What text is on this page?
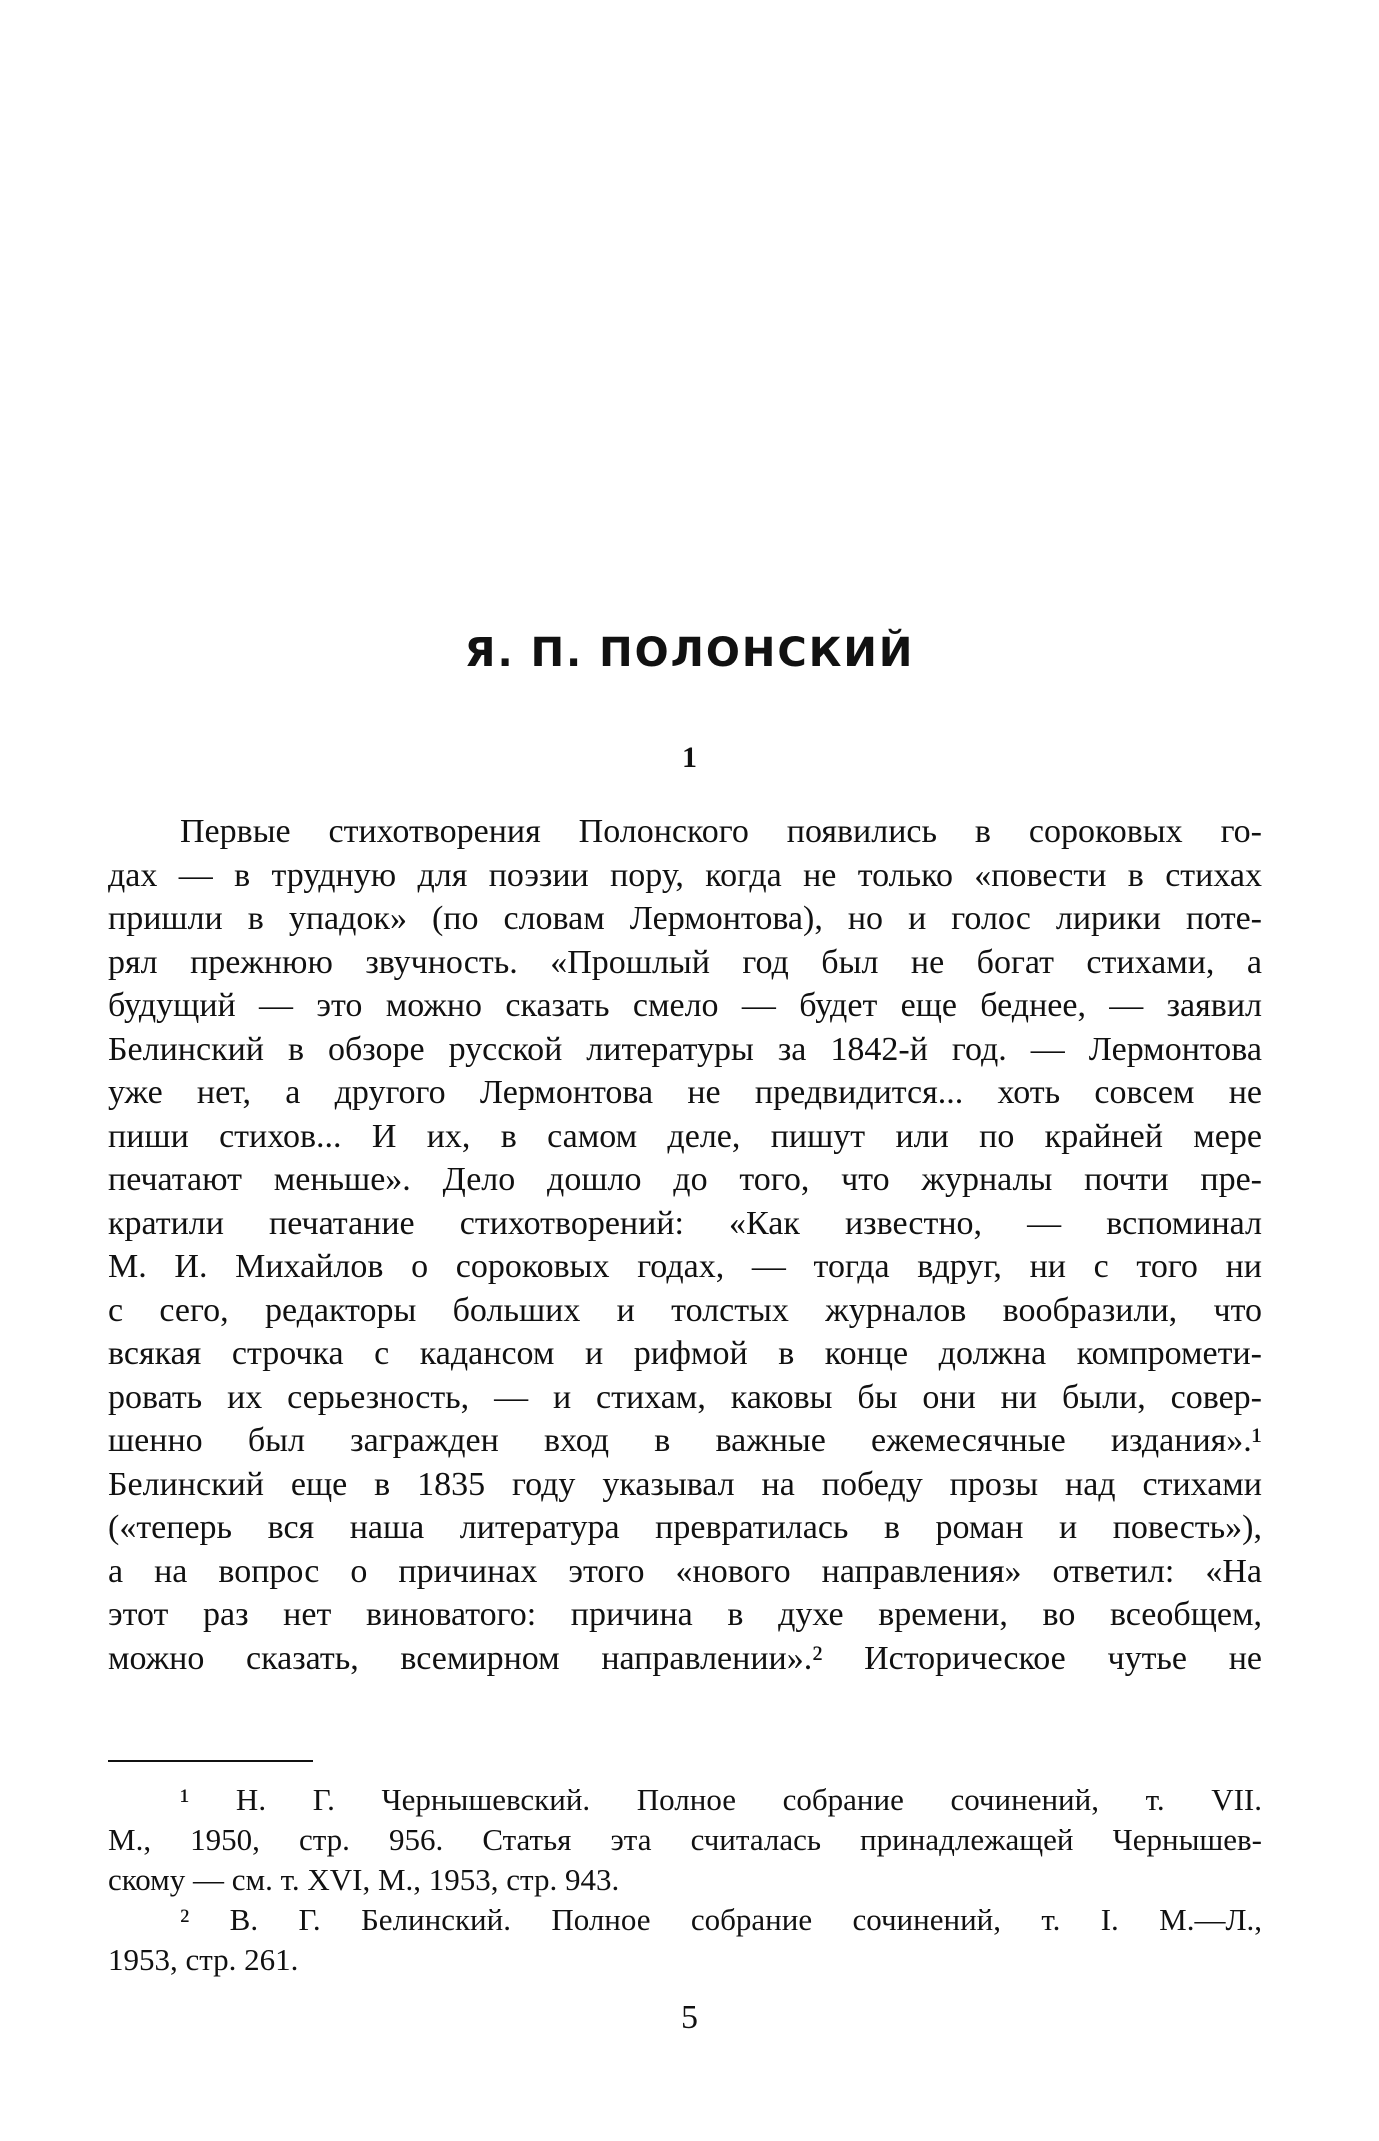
Я. П. ПОЛОНСКИЙ
1
Первые стихотворения Полонского появились в сороковых го-
дах — в трудную для поэзии пору, когда не только «повести в стихах
пришли в упадок» (по словам Лермонтова), но и голос лирики поте-
рял прежнюю звучность. «Прошлый год был не богат стихами, а
будущий — это можно сказать смело — будет еще беднее, — заявил
Белинский в обзоре русской литературы за 1842-й год. — Лермонтова
уже нет, а другого Лермонтова не предвидится... хоть совсем не
пиши стихов... И их, в самом деле, пишут или по крайней мере
печатают меньше». Дело дошло до того, что журналы почти пре-
кратили печатание стихотворений: «Как известно, — вспоминал
М. И. Михайлов о сороковых годах, — тогда вдруг, ни с того ни
с сего, редакторы больших и толстых журналов вообразили, что
всякая строчка с кадансом и рифмой в конце должна компромети-
ровать их серьезность, — и стихам, каковы бы они ни были, совер-
шенно был загражден вход в важные ежемесячные издания».¹
Белинский еще в 1835 году указывал на победу прозы над стихами
(«теперь вся наша литература превратилась в роман и повесть»),
а на вопрос о причинах этого «нового направления» ответил: «На
этот раз нет виноватого: причина в духе времени, во всеобщем,
можно сказать, всемирном направлении».² Историческое чутье не
¹ Н. Г. Чернышевский. Полное собрание сочинений, т. VII.
М., 1950, стр. 956. Статья эта считалась принадлежащей Чернышев-
скому — см. т. XVI, М., 1953, стр. 943.
² В. Г. Белинский. Полное собрание сочинений, т. I. М.—Л.,
1953, стр. 261.
5
